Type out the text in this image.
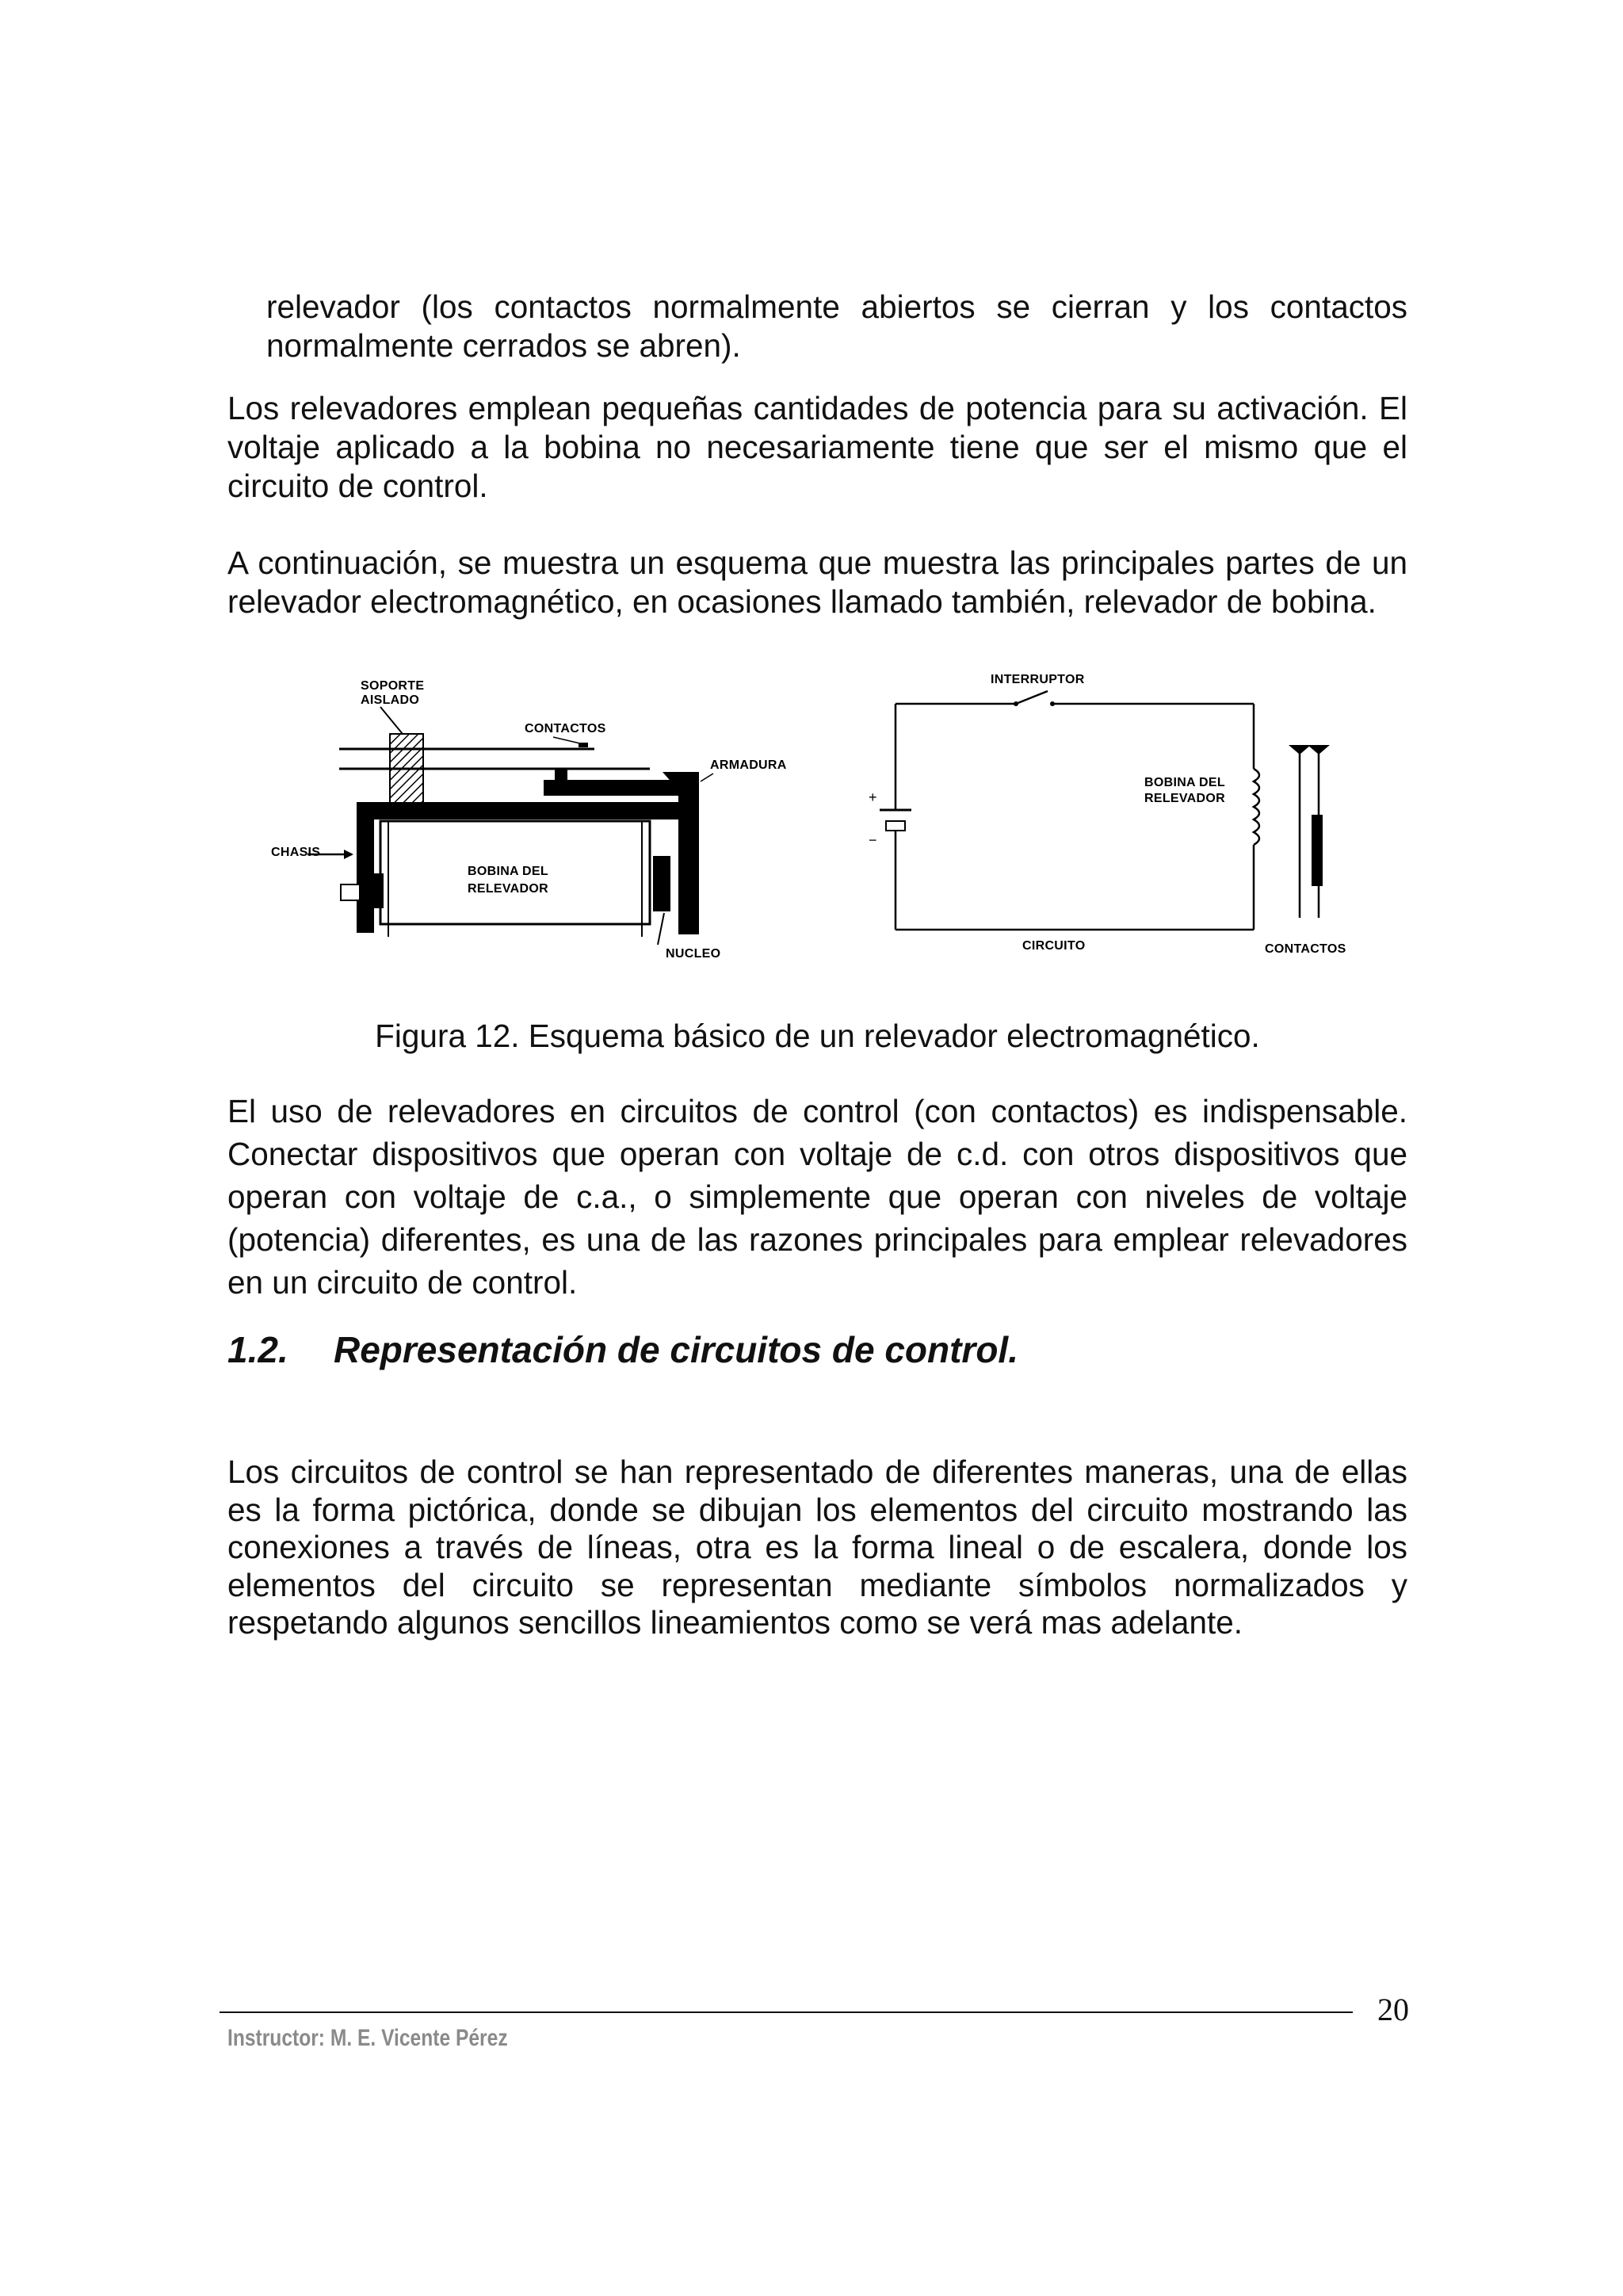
relevador (los contactos normalmente abiertos se cierran y los contactos normalmente cerrados se abren).

Los relevadores emplean pequeñas cantidades de potencia para su activación. El voltaje aplicado a la bobina no necesariamente tiene que ser el mismo que el circuito de control.

A continuación, se muestra un esquema que muestra las principales partes de un relevador electromagnético, en ocasiones llamado también, relevador de bobina.

SOPORTE
AISLADO
CONTACTOS
ARMADURA
CHASIS
BOBINA DEL
RELEVADOR
NUCLEO
INTERRUPTOR
+
−
CIRCUITO
BOBINA DEL
RELEVADOR
CONTACTOS

Figura 12. Esquema básico de un relevador electromagnético.

El uso de relevadores en circuitos de control (con contactos) es indispensable. Conectar dispositivos que operan con voltaje de c.d. con otros dispositivos que operan con voltaje de c.a., o simplemente que operan con niveles de voltaje (potencia) diferentes, es una de las razones principales para emplear relevadores en un circuito de control.

1.2. Representación de circuitos de control.

Los circuitos de control se han representado de diferentes maneras, una de ellas es la forma pictórica, donde se dibujan los elementos del circuito mostrando las conexiones a través de líneas, otra es la forma lineal o de escalera, donde los elementos del circuito se representan mediante símbolos normalizados y respetando algunos sencillos lineamientos como se verá mas adelante.

20

Instructor: M. E. Vicente Pérez
